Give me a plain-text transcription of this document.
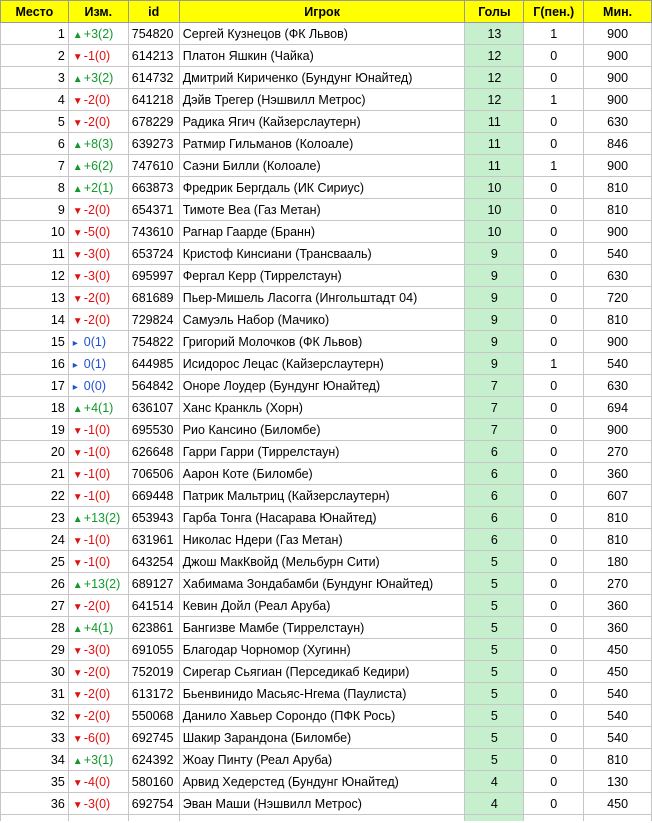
Место	Изм.	id	Игрок	Голы	Г(пен.)	Мин.
1	▲+3(2)	754820	Сергей Кузнецов (ФК Львов)	13	1	900
2	▼-1(0)	614213	Платон Яшкин (Чайка)	12	0	900
3	▲+3(2)	614732	Дмитрий Кириченко (Бундунг Юнайтед)	12	0	900
4	▼-2(0)	641218	Дэйв Трегер (Нэшвилл Метрос)	12	1	900
5	▼-2(0)	678229	Радика Ягич (Кайзерслаутерн)	11	0	630
6	▲+8(3)	639273	Ратмир Гильманов (Колоале)	11	0	846
7	▲+6(2)	747610	Саэни Билли (Колоале)	11	1	900
8	▲+2(1)	663873	Фредрик Бергдаль (ИК Сириус)	10	0	810
9	▼-2(0)	654371	Тимоте Веа (Газ Метан)	10	0	810
10	▼-5(0)	743610	Рагнар Гаарде (Бранн)	10	0	900
11	▼-3(0)	653724	Кристоф Кинсиани (Трансвааль)	9	0	540
12	▼-3(0)	695997	Фергал Керр (Тиррелстаун)	9	0	630
13	▼-2(0)	681689	Пьер-Мишель Ласогга (Ингольштадт 04)	9	0	720
14	▼-2(0)	729824	Самуэль Набор (Мачико)	9	0	810
15	▸ 0(1)	754822	Григорий Молочков (ФК Львов)	9	0	900
16	▸ 0(1)	644985	Исидорос Лецас (Кайзерслаутерн)	9	1	540
17	▸ 0(0)	564842	Оноре Лоудер (Бундунг Юнайтед)	7	0	630
18	▲+4(1)	636107	Ханс Кранкль (Хорн)	7	0	694
19	▼-1(0)	695530	Рио Кансино (Биломбе)	7	0	900
20	▼-1(0)	626648	Гарри Гарри (Тиррелстаун)	6	0	270
21	▼-1(0)	706506	Аарон Коте (Биломбе)	6	0	360
22	▼-1(0)	669448	Патрик Мальтриц (Кайзерслаутерн)	6	0	607
23	▲+13(2)	653943	Гарба Тонга (Насарава Юнайтед)	6	0	810
24	▼-1(0)	631961	Николас Ндери (Газ Метан)	6	0	810
25	▼-1(0)	643254	Джош МакКвойд (Мельбурн Сити)	5	0	180
26	▲+13(2)	689127	Хабимама Зондабамби (Бундунг Юнайтед)	5	0	270
27	▼-2(0)	641514	Кевин Дойл (Реал Аруба)	5	0	360
28	▲+4(1)	623861	Бангизве Мамбе (Тиррелстаун)	5	0	360
29	▼-3(0)	691055	Благодар Чорномор (Хугинн)	5	0	450
30	▼-2(0)	752019	Сирегар Сьягиан (Перседикаб Кедири)	5	0	450
31	▼-2(0)	613172	Бьенвинидо Масьяс-Нгема (Паулиста)	5	0	540
32	▼-2(0)	550068	Данило Хавьер Сорондо (ПФК Рось)	5	0	540
33	▼-6(0)	692745	Шакир Зарандона (Биломбе)	5	0	540
34	▲+3(1)	624392	Жоау Пинту (Реал Аруба)	5	0	810
35	▼-4(0)	580160	Арвид Хедерстед (Бундунг Юнайтед)	4	0	130
36	▼-3(0)	692754	Эван Маши (Нэшвилл Метрос)	4	0	450
